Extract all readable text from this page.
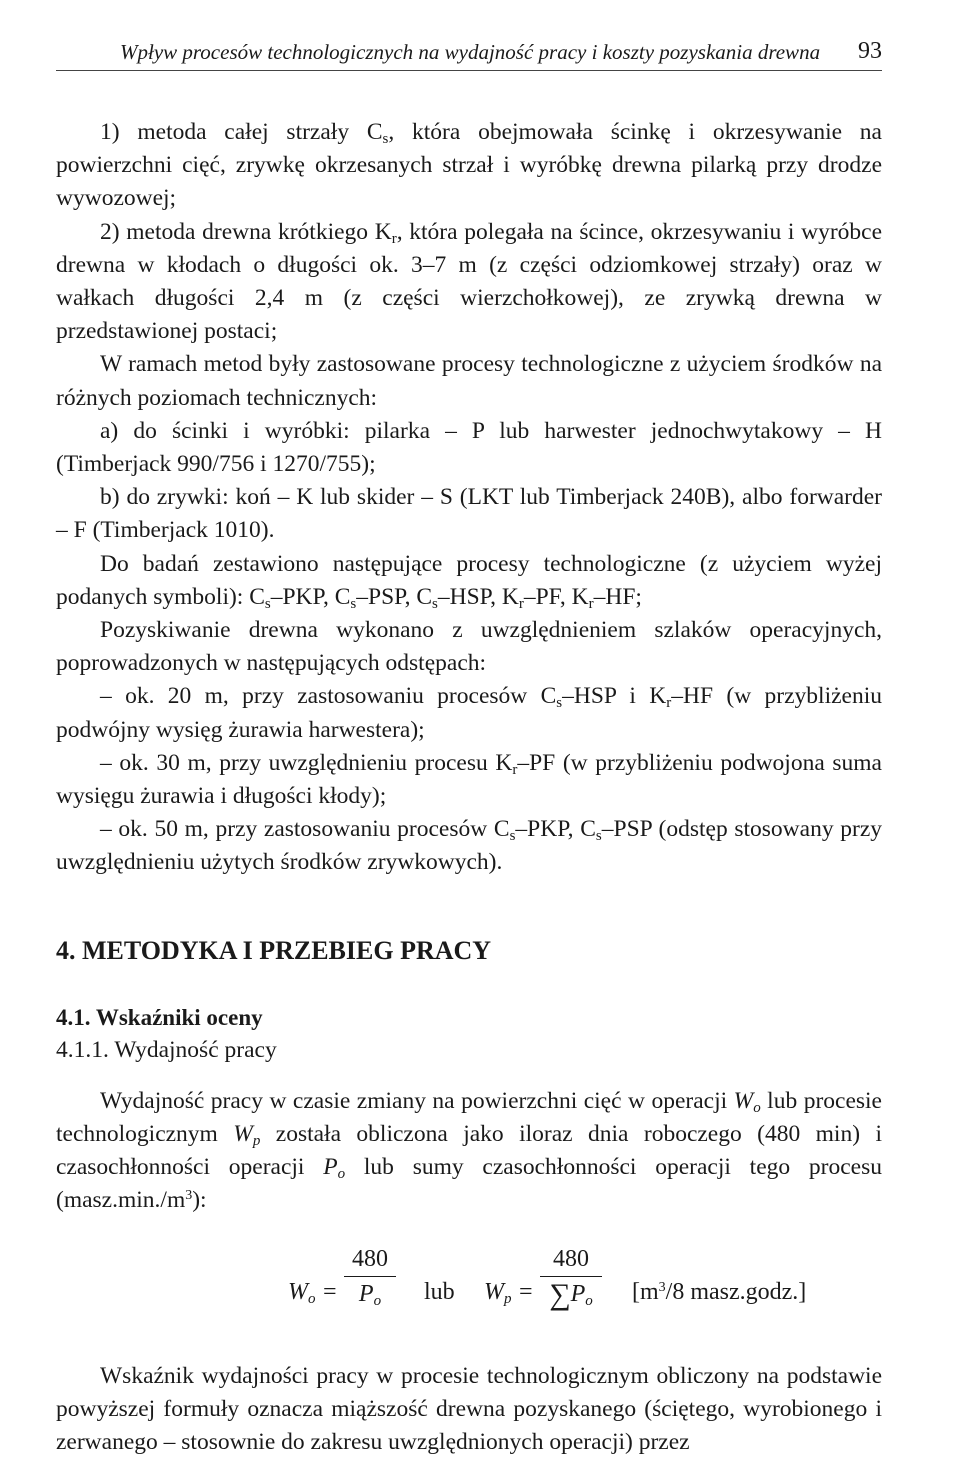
Wpływ procesów technologicznych na wydajność pracy i koszty pozyskania drewna 93

1) metoda całej strzały $C_s$, która obejmowała ścinkę i okrzesywanie na powierzchni cięć, zrywkę okrzesanych strzał i wyróbkę drewna pilarką przy drodze wywozowej;

2) metoda drewna krótkiego $K_r$, która polegała na ścince, okrzesywaniu i wyróbce drewna w kłodach o długości ok. 3–7 m (z części odziomkowej strzały) oraz w wałkach długości 2,4 m (z części wierzchołkowej), ze zrywką drewna w przedstawionej postaci;

W ramach metod były zastosowane procesy technologiczne z użyciem środków na różnych poziomach technicznych:

a) do ścinki i wyróbki: pilarka – P lub harwester jednochwytakowy – H (Timberjack 990/756 i 1270/755);

b) do zrywki: koń – K lub skider – S (LKT lub Timberjack 240B), albo forwarder – F (Timberjack 1010).

Do badań zestawiono następujące procesy technologiczne (z użyciem wyżej podanych symboli): $C_s$–PKP, $C_s$–PSP, $C_s$–HSP, $K_r-PF$, $K_r-HF$;

Pozyskiwanie drewna wykonano z uwzględnieniem szlaków operacyjnych, poprowadzonych w następujących odstępach:

– ok. 20 m, przy zastosowaniu procesów $C_s$–HSP i $K_r-HF$ (w przybliżeniu podwójny wysięg żurawia harwestera);

– ok. 30 m, przy uwzględnieniu procesu $K_r-PF$ (w przybliżeniu podwojona suma wysięgu żurawia i długości kłody);

– ok. 50 m, przy zastosowaniu procesów $C_s$–PKP, $C_s$–PSP (odstęp stosowany przy uwzględnieniu użytych środków zrywkowych).

4. METODYKA I PRZEBIEG PRACY
4.1. Wskaźniki oceny

4.1.1. Wydajność pracy

Wydajność pracy w czasie zmiany na powierzchni cięć w operacji $W_o$ lub procesie technologicznym $W_p$ została obliczona jako iloraz dnia roboczego (480 min) i czasochłonności operacji $P_o$ lub sumy czasochłonności operacji tego procesu $(masz.\min./m^3)$:

$W_o$ =
480
$P_o$	lub $W_p$ =
480
$\sum P_o$	[$m^3/8$ masz.godz.]

Wskaźnik wydajności pracy w procesie technologicznym obliczony na podstawie powyższej formuły oznacza miąższość drewna pozyskanego (ściętego, wyrobionego i zerwanego – stosownie do zakresu uwzględnionych operacji) przez
